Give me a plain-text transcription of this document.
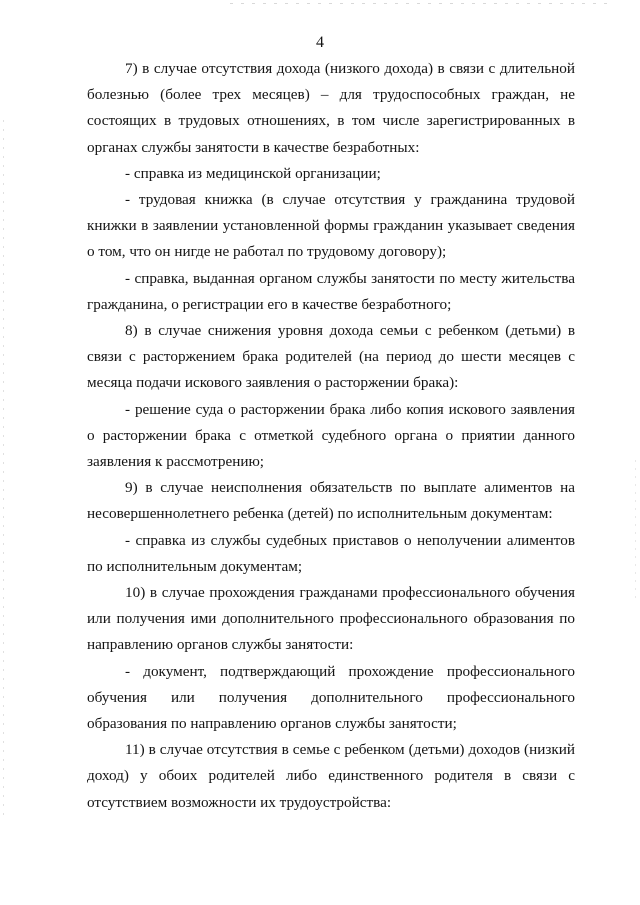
4

7) в случае отсутствия дохода (низкого дохода) в связи с длительной болезнью (более трех месяцев) – для трудоспособных граждан, не состоящих в трудовых отношениях, в том числе зарегистрированных в органах службы занятости в качестве безработных:

- справка из медицинской организации;

- трудовая книжка (в случае отсутствия у гражданина трудовой книжки в заявлении установленной формы гражданин указывает сведения о том, что он нигде не работал по трудовому договору);

- справка, выданная органом службы занятости по месту жительства гражданина, о регистрации его в качестве безработного;

8) в случае снижения уровня дохода семьи с ребенком (детьми) в связи с расторжением брака родителей (на период до шести месяцев с месяца подачи искового заявления о расторжении брака):

- решение суда о расторжении брака либо копия искового заявления о расторжении брака с отметкой судебного органа о приятии данного заявления к рассмотрению;

9) в случае неисполнения обязательств по выплате алиментов на несовершеннолетнего ребенка (детей) по исполнительным документам:

- справка из службы судебных приставов о неполучении алиментов по исполнительным документам;

10) в случае прохождения гражданами профессионального обучения или получения ими дополнительного профессионального образования по направлению органов службы занятости:

- документ, подтверждающий прохождение профессионального обучения или получения дополнительного профессионального образования по направлению органов службы занятости;

11) в случае отсутствия в семье с ребенком (детьми) доходов (низкий доход) у обоих родителей либо единственного родителя в связи с отсутствием возможности их трудоустройства:
